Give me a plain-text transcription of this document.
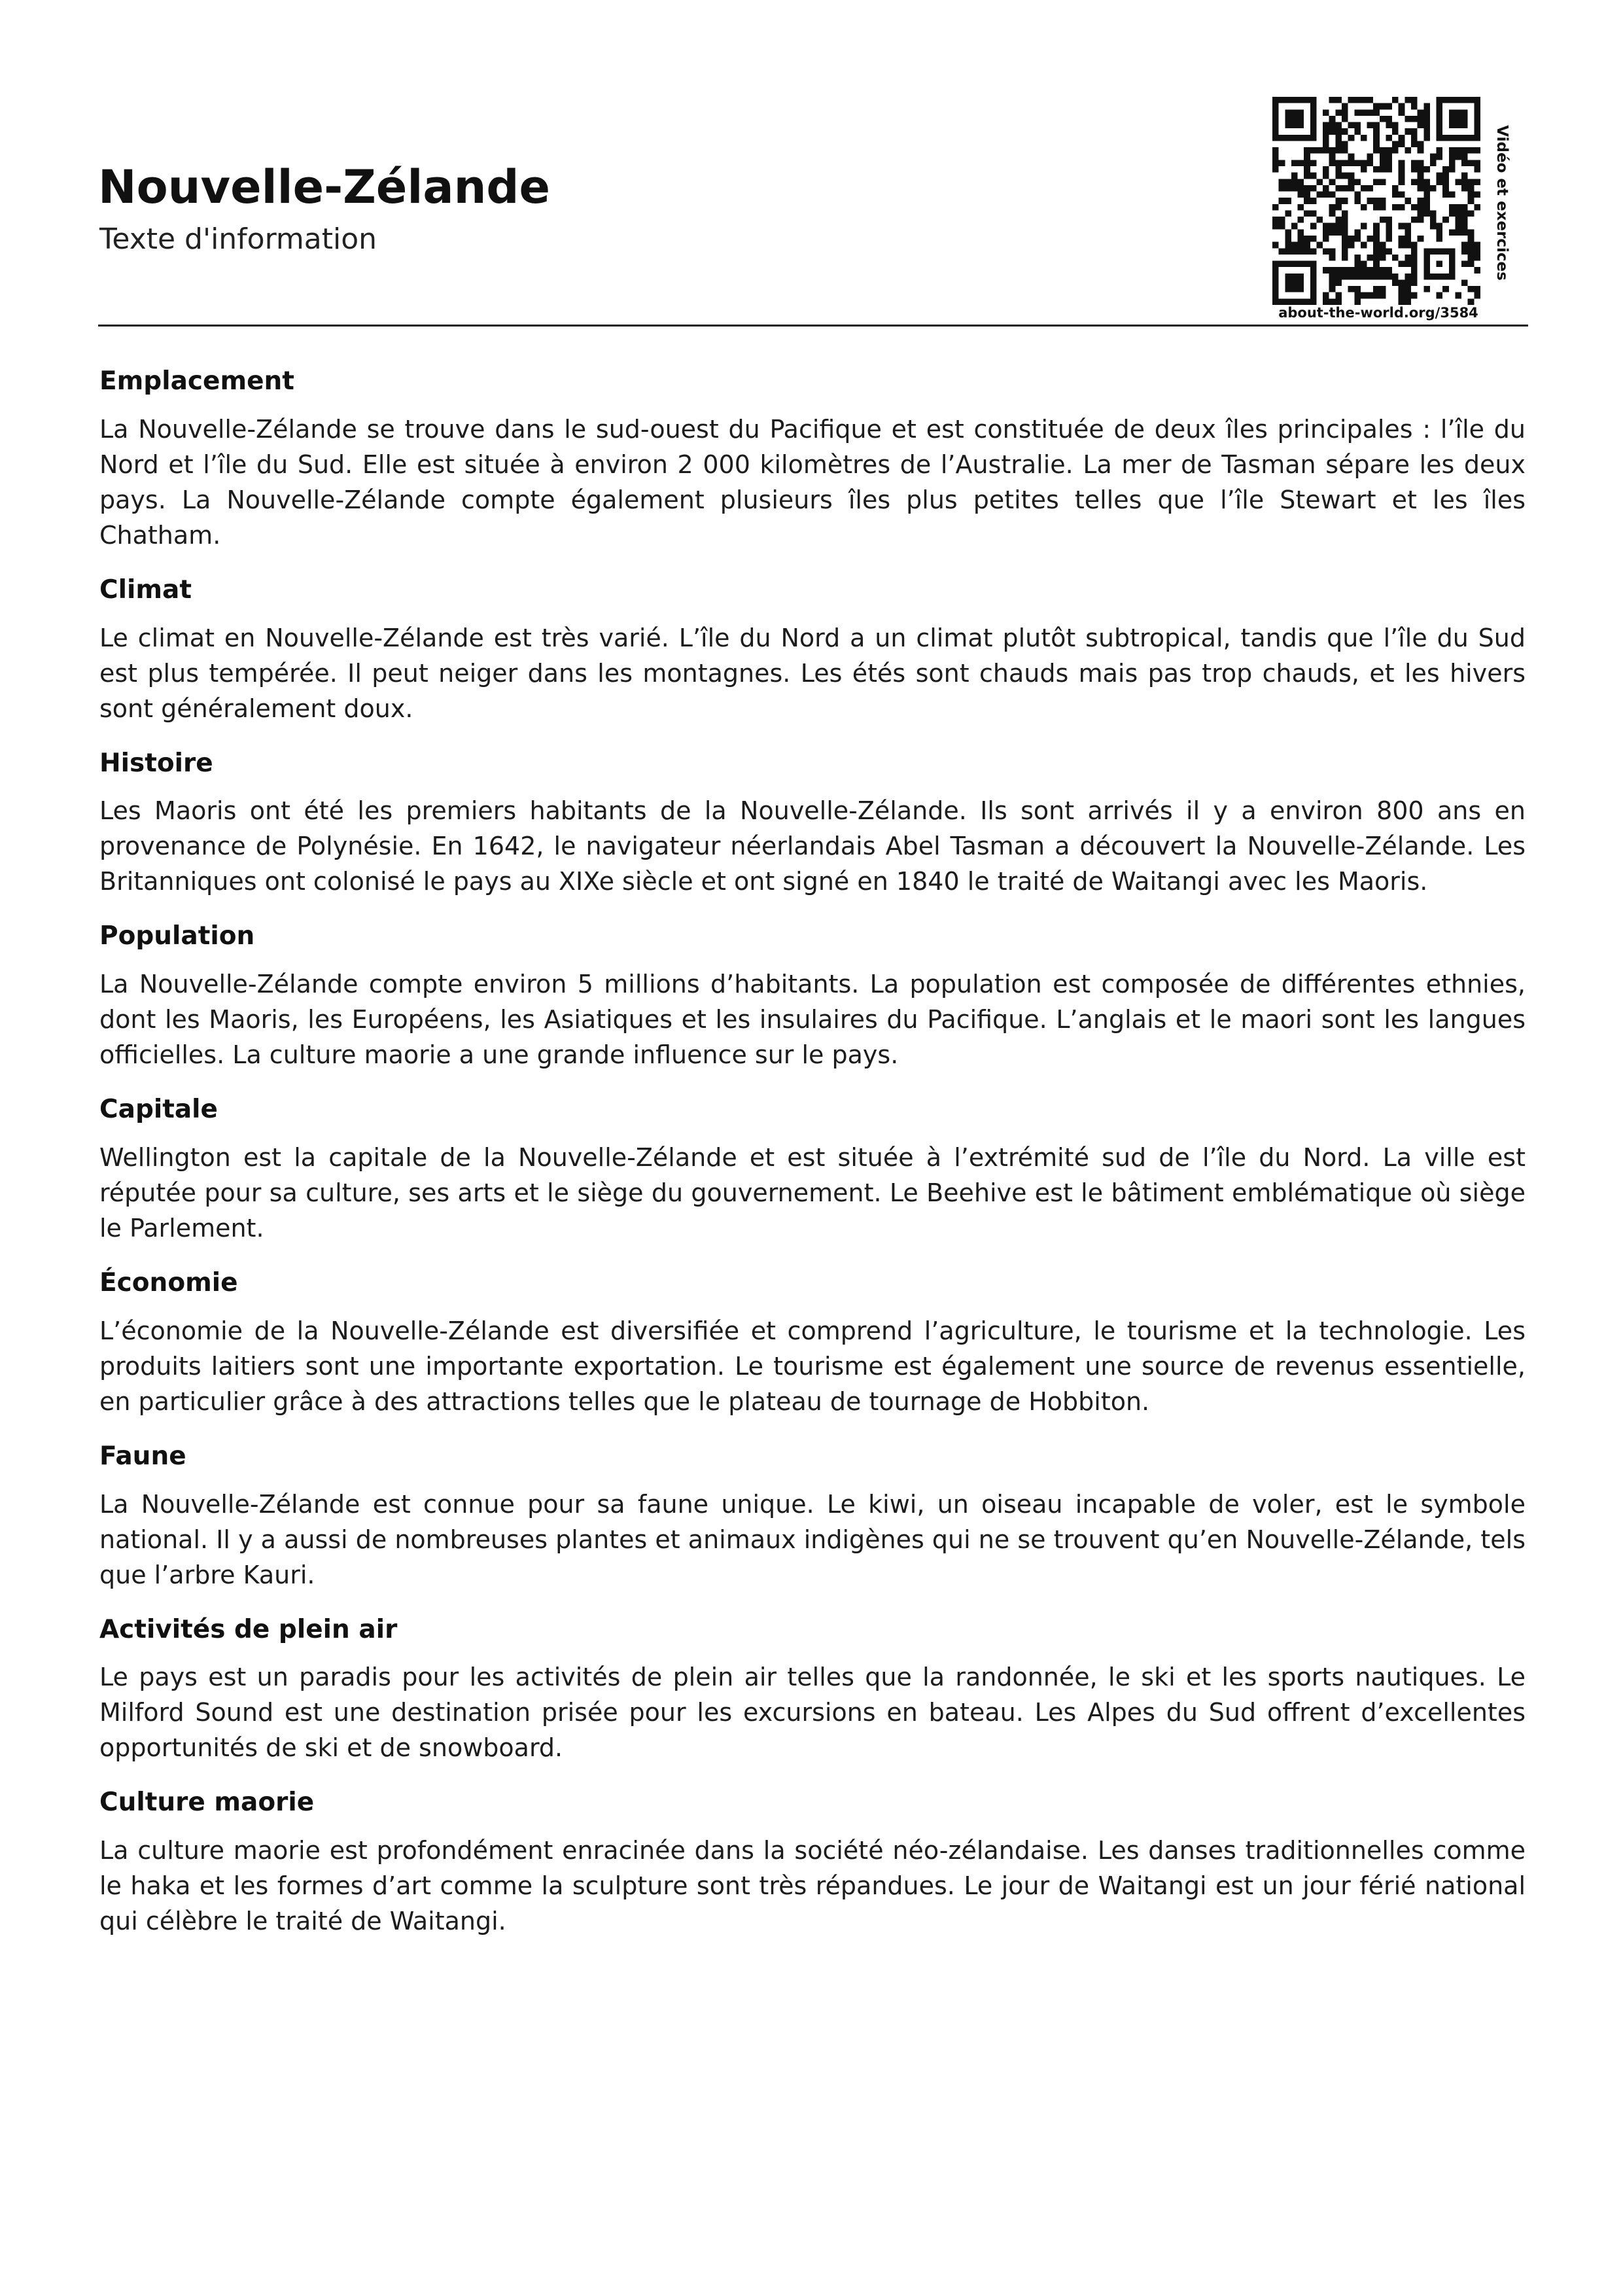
Nouvelle-Zélande
Texte d'information	Vidéo et exercices
about-the-world.org/3584
Emplacement

La Nouvelle-Zélande se trouve dans le sud-ouest du Pacifique et est constituée de deux îles principales : l’île du Nord et l’île du Sud. Elle est située à environ 2 000 kilomètres de l’Australie. La mer de Tasman sépare les deux pays. La Nouvelle-Zélande compte également plusieurs îles plus petites telles que l’île Stewart et les îles Chatham.

Climat

Le climat en Nouvelle-Zélande est très varié. L’île du Nord a un climat plutôt subtropical, tandis que l’île du Sud est plus tempérée. Il peut neiger dans les montagnes. Les étés sont chauds mais pas trop chauds, et les hivers sont généralement doux.

Histoire

Les Maoris ont été les premiers habitants de la Nouvelle-Zélande. Ils sont arrivés il y a environ 800 ans en provenance de Polynésie. En 1642, le navigateur néerlandais Abel Tasman a découvert la Nouvelle-Zélande. Les Britanniques ont colonisé le pays au XIXe siècle et ont signé en 1840 le traité de Waitangi avec les Maoris.

Population

La Nouvelle-Zélande compte environ 5 millions d’habitants. La population est composée de différentes ethnies, dont les Maoris, les Européens, les Asiatiques et les insulaires du Pacifique. L’anglais et le maori sont les langues officielles. La culture maorie a une grande influence sur le pays.

Capitale

Wellington est la capitale de la Nouvelle-Zélande et est située à l’extrémité sud de l’île du Nord. La ville est réputée pour sa culture, ses arts et le siège du gouvernement. Le Beehive est le bâtiment emblématique où siège le Parlement.

Économie

L’économie de la Nouvelle-Zélande est diversifiée et comprend l’agriculture, le tourisme et la technologie. Les produits laitiers sont une importante exportation. Le tourisme est également une source de revenus essentielle, en particulier grâce à des attractions telles que le plateau de tournage de Hobbiton.

Faune

La Nouvelle-Zélande est connue pour sa faune unique. Le kiwi, un oiseau incapable de voler, est le symbole national. Il y a aussi de nombreuses plantes et animaux indigènes qui ne se trouvent qu’en Nouvelle-Zélande, tels que l’arbre Kauri.

Activités de plein air

Le pays est un paradis pour les activités de plein air telles que la randonnée, le ski et les sports nautiques. Le Milford Sound est une destination prisée pour les excursions en bateau. Les Alpes du Sud offrent d’excellentes opportunités de ski et de snowboard.

Culture maorie

La culture maorie est profondément enracinée dans la société néo-zélandaise. Les danses traditionnelles comme le haka et les formes d’art comme la sculpture sont très répandues. Le jour de Waitangi est un jour férié national qui célèbre le traité de Waitangi.
